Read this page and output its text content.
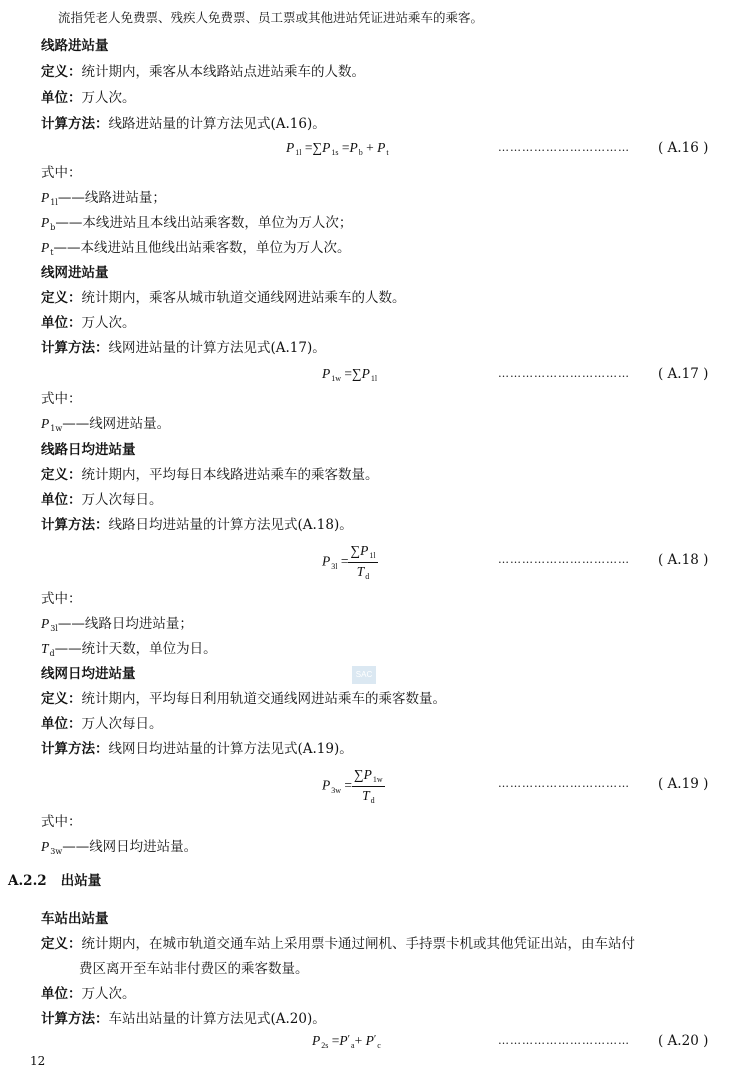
流指凭老人免费票、残疾人免费票、员工票或其他进站凭证进站乘车的乘客。
线路进站量
定义：统计期内，乘客从本线路站点进站乘车的人数。
单位：万人次。
计算方法：线路进站量的计算方法见式(A.16)。
$P_{1l} =\sum P_{1s} =P_b + P_t$	……………………………	( A.16 )
式中：
$P_{1l}——$线路进站量；
$P_b——$本线进站且本线出站乘客数，单位为万人次；
$P_t——$本线进站且他线出站乘客数，单位为万人次。
线网进站量
定义：统计期内，乘客从城市轨道交通线网进站乘车的人数。
单位：万人次。
计算方法：线网进站量的计算方法见式(A.17)。
$P_{1w} =\sum P_{1l}$	……………………………	( A.17 )
式中：
$P_{1w}——$线网进站量。
线路日均进站量
定义：统计期内，平均每日本线路进站乘车的乘客数量。
单位：万人次每日。
计算方法：线路日均进站量的计算方法见式(A.18)。
$P_{3l} = \frac{\sum P_{1l}}{T_d}$	……………………………	( A.18 )
式中：
$P_{3l}——$线路日均进站量；
$T_d——$统计天数，单位为日。
SAC
线网日均进站量
定义：统计期内，平均每日利用轨道交通线网进站乘车的乘客数量。
单位：万人次每日。
计算方法：线网日均进站量的计算方法见式(A.19)。
$P_{3w} = \frac{\sum P_{1w}}{T_d}$	……………………………	( A.19 )
式中：
$P_{3w}——$线网日均进站量。
A.2.2 出站量
车站出站量
定义：统计期内，在城市轨道交通车站上采用票卡通过闸机、手持票卡机或其他凭证出站，由车站付
费区离开至车站非付费区的乘客数量。
单位：万人次。
计算方法：车站出站量的计算方法见式(A.20)。
$P_{2s} =P'_a+ P'_c$	……………………………	( A.20 )
12
